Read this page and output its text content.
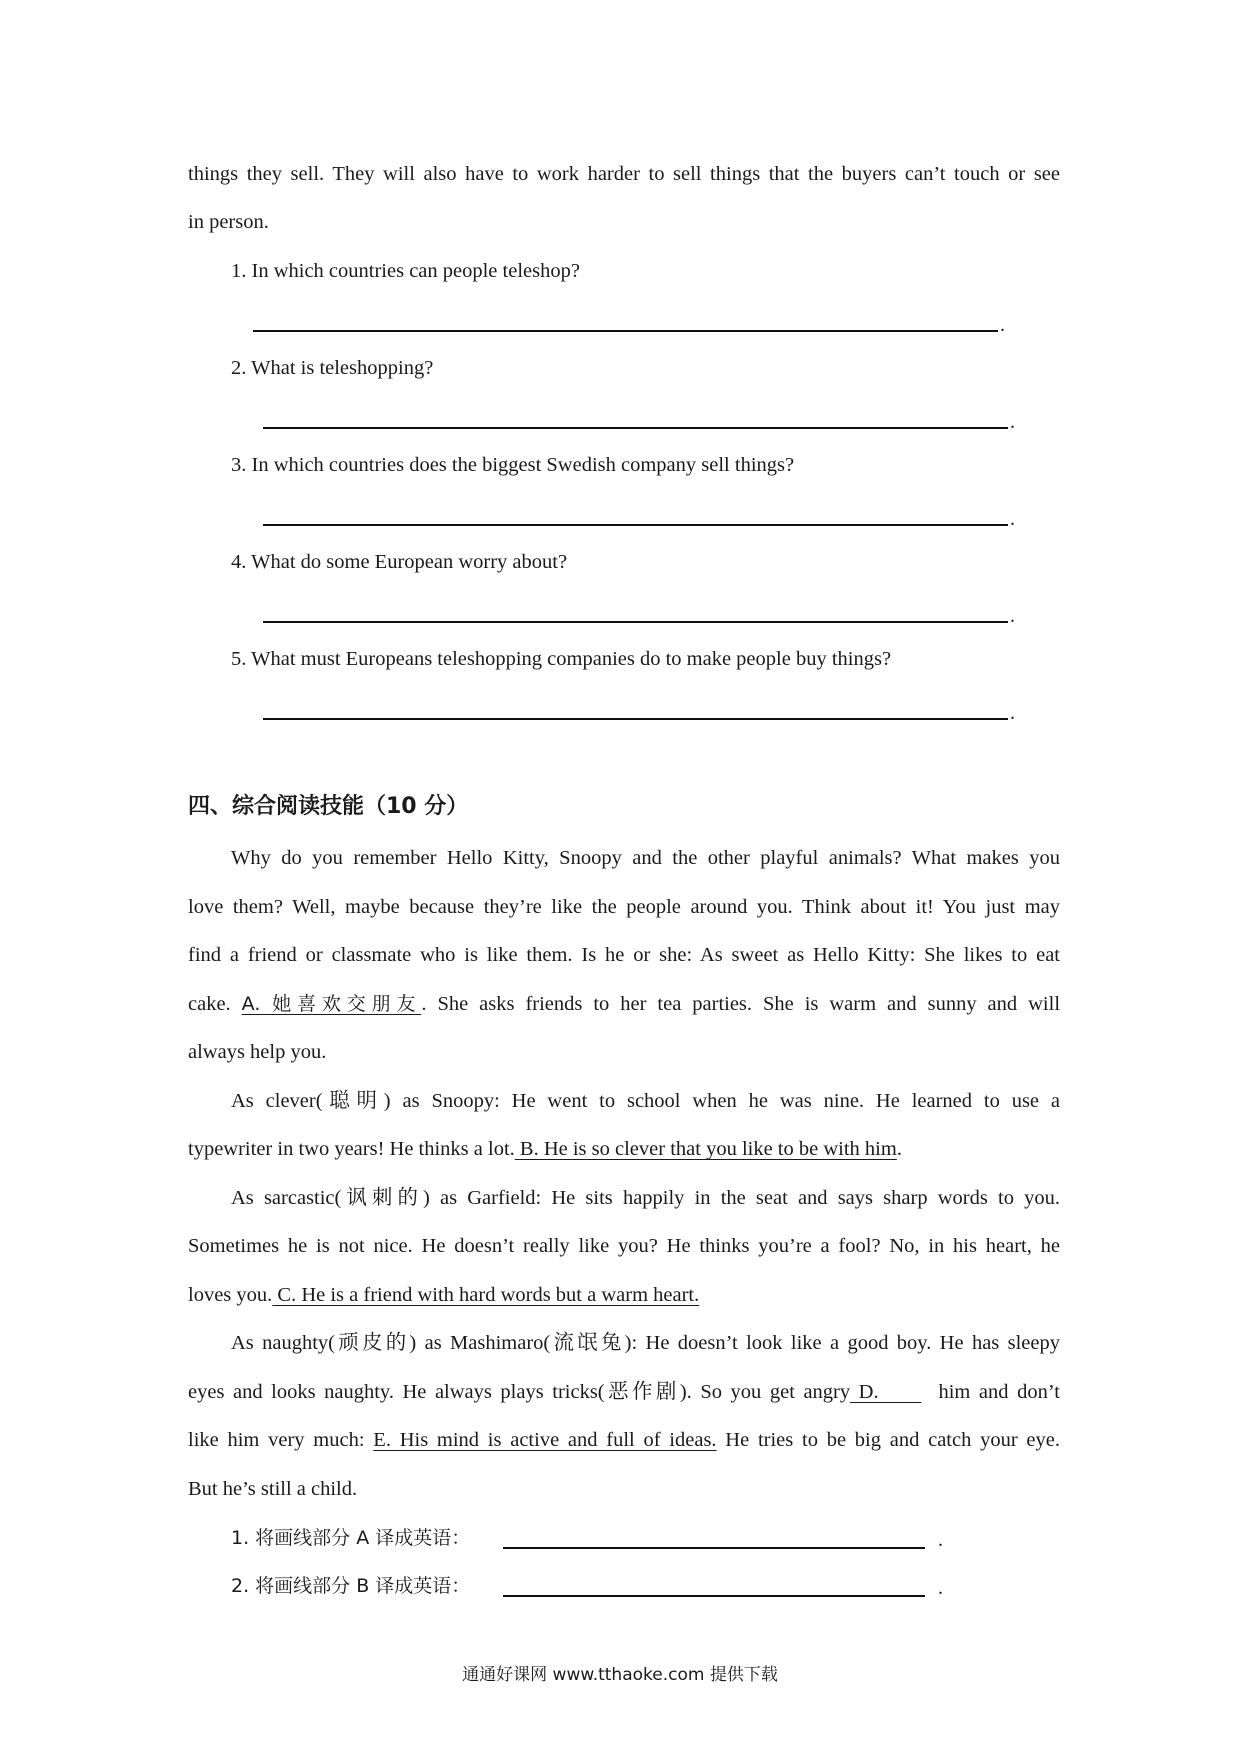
things they sell. They will also have to work harder to sell things that the buyers can’t touch or see
in person.
1. In which countries can people teleshop?
.
2. What is teleshopping?
.
3. In which countries does the biggest Swedish company sell things?
.
4. What do some European worry about?
.
5. What must Europeans teleshopping companies do to make people buy things?
.
四、综合阅读技能（10 分）
Why do you remember Hello Kitty, Snoopy and the other playful animals? What makes you
love them? Well, maybe because they’re like the people around you. Think about it! You just may
find a friend or classmate who is like them. Is he or she: As sweet as Hello Kitty: She likes to eat
cake. A. 她喜欢交朋友. She asks friends to her tea parties. She is warm and sunny and will
always help you.
As clever(聪明) as Snoopy: He went to school when he was nine. He learned to use a
typewriter in two years! He thinks a lot. B. He is so clever that you like to be with him.
As sarcastic(讽刺的) as Garfield: He sits happily in the seat and says sharp words to you.
Sometimes he is not nice. He doesn’t really like you? He thinks you’re a fool? No, in his heart, he
loves you. C. He is a friend with hard words but a warm heart.
As naughty(顽皮的) as Mashimaro(流氓兔): He doesn’t look like a good boy. He has sleepy
eyes and looks naughty. He always plays tricks(恶作剧). So you get angry D.       him and don’t
like him very much: E. His mind is active and full of ideas. He tries to be big and catch your eye.
But he’s still a child.
1. 将画线部分 A 译成英语：	.
2. 将画线部分 B 译成英语：	.
通通好课网 www.tthaoke.com 提供下载
